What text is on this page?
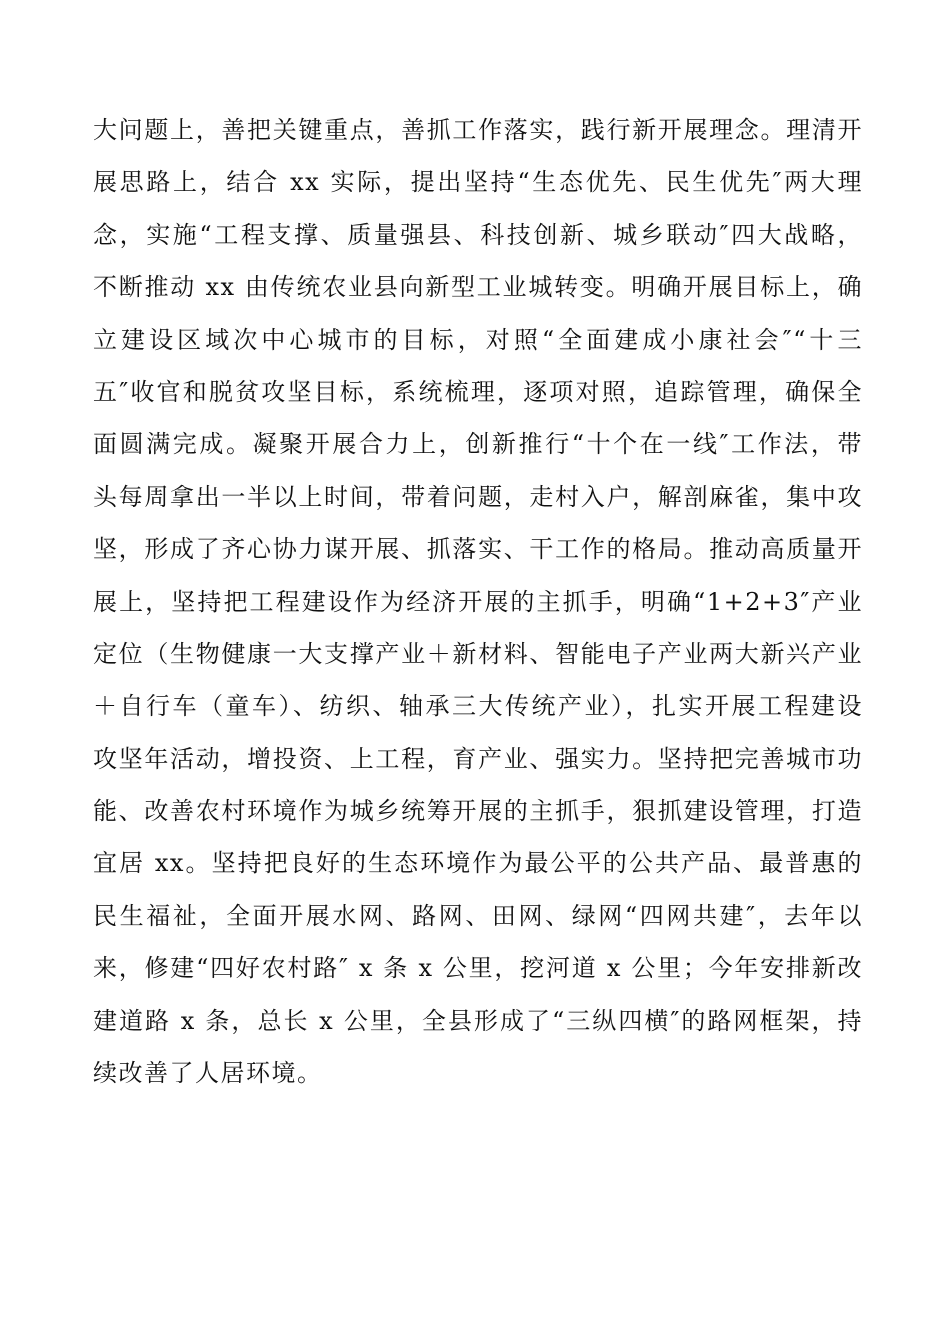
大问题上，善把关键重点，善抓工作落实，践行新开展理念。理清开
展思路上，结合 xx 实际，提出坚持“生态优先、民生优先″两大理
念，实施“工程支撑、质量强县、科技创新、城乡联动″四大战略，
不断推动 xx 由传统农业县向新型工业城转变。明确开展目标上，确
立建设区域次中心城市的目标，对照“全面建成小康社会″“十三
五″收官和脱贫攻坚目标，系统梳理，逐项对照，追踪管理，确保全
面圆满完成。凝聚开展合力上，创新推行“十个在一线″工作法，带
头每周拿出一半以上时间，带着问题，走村入户，解剖麻雀，集中攻
坚，形成了齐心协力谋开展、抓落实、干工作的格局。推动高质量开
展上，坚持把工程建设作为经济开展的主抓手，明确“1+2+3″产业
定位（生物健康一大支撑产业＋新材料、智能电子产业两大新兴产业
＋自行车（童车）、纺织、轴承三大传统产业），扎实开展工程建设
攻坚年活动，增投资、上工程，育产业、强实力。坚持把完善城市功
能、改善农村环境作为城乡统筹开展的主抓手，狠抓建设管理，打造
宜居 xx。坚持把良好的生态环境作为最公平的公共产品、最普惠的
民生福祉，全面开展水网、路网、田网、绿网“四网共建″，去年以
来，修建“四好农村路″ x 条 x 公里，挖河道 x 公里；今年安排新改
建道路 x 条，总长 x 公里，全县形成了“三纵四横″的路网框架，持
续改善了人居环境。
